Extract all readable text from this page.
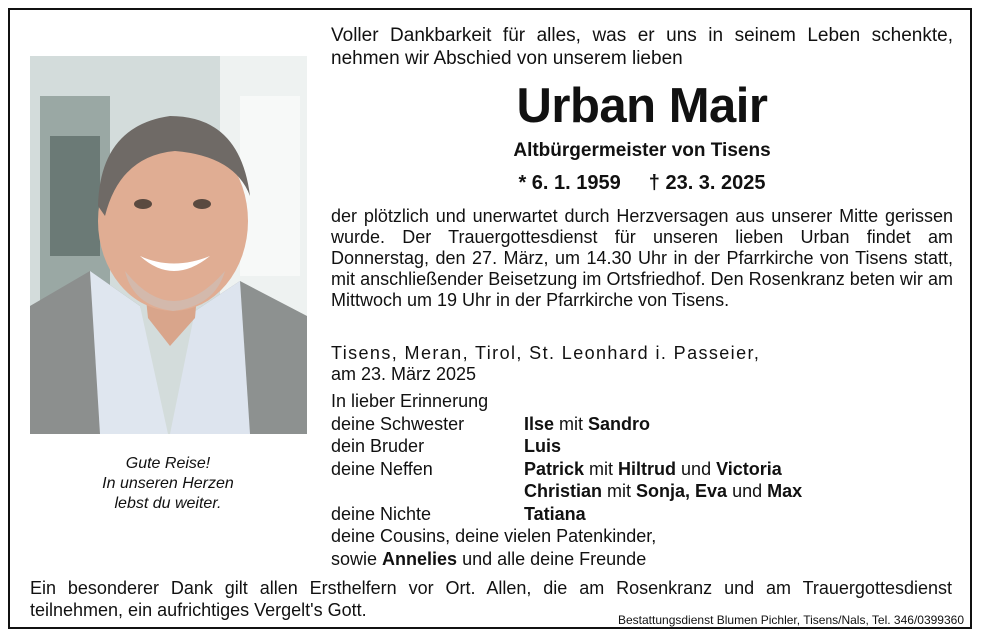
Gute Reise!
In unseren Herzen
lebst du weiter.
Voller Dankbarkeit für alles, was er uns in seinem Leben schenkte, nehmen wir Abschied von unserem lieben
Urban Mair
Altbürgermeister von Tisens
* 6. 1. 1959 † 23. 3. 2025
der plötzlich und unerwartet durch Herzversagen aus unserer Mitte gerissen wurde. Der Trauergottesdienst für unseren lieben Urban findet am Donnerstag, den 27. März, um 14.30 Uhr in der Pfarrkirche von Tisens statt, mit anschließender Beisetzung im Ortsfriedhof. Den Rosenkranz beten wir am Mittwoch um 19 Uhr in der Pfarrkirche von Tisens.
Tisens, Meran, Tirol, St. Leonhard i. Passeier,
am 23. März 2025
In lieber Erinnerung
deine Schwester	Ilse mit Sandro
dein Bruder	Luis
deine Neffen	Patrick mit Hiltrud und Victoria
Christian mit Sonja, Eva und Max
deine Nichte	Tatiana
deine Cousins, deine vielen Patenkinder,
sowie Annelies und alle deine Freunde
Ein besonderer Dank gilt allen Ersthelfern vor Ort. Allen, die am Rosenkranz und am Trauergottesdienst teilnehmen, ein aufrichtiges Vergelt's Gott.	Bestattungsdienst Blumen Pichler, Tisens/Nals, Tel. 346/0399360
